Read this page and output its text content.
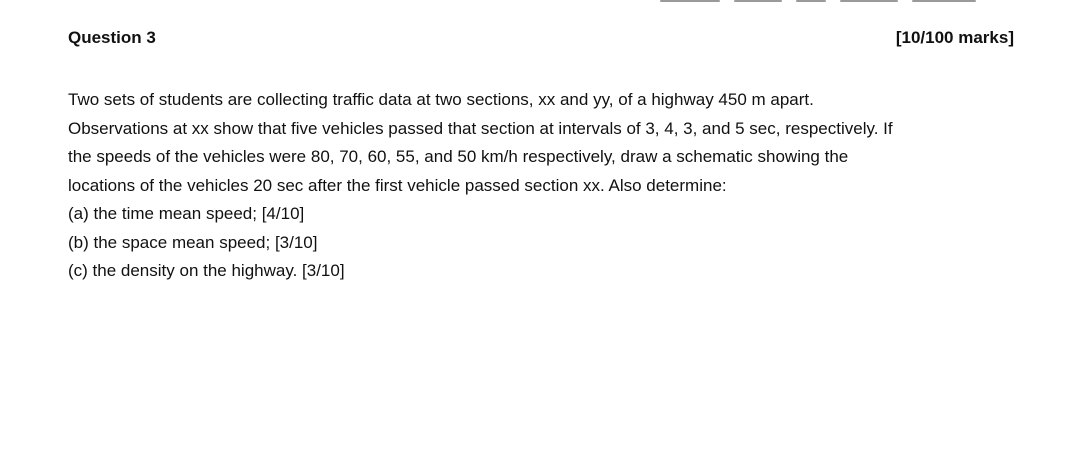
Question 3	[10/100 marks]

Two sets of students are collecting traffic data at two sections, xx and yy, of a highway 450 m apart.

Observations at xx show that five vehicles passed that section at intervals of 3, 4, 3, and 5 sec, respectively. If

the speeds of the vehicles were 80, 70, 60, 55, and 50 km/h respectively, draw a schematic showing the

locations of the vehicles 20 sec after the first vehicle passed section xx. Also determine:

(a) the time mean speed; [4/10]

(b) the space mean speed; [3/10]

(c) the density on the highway. [3/10]
